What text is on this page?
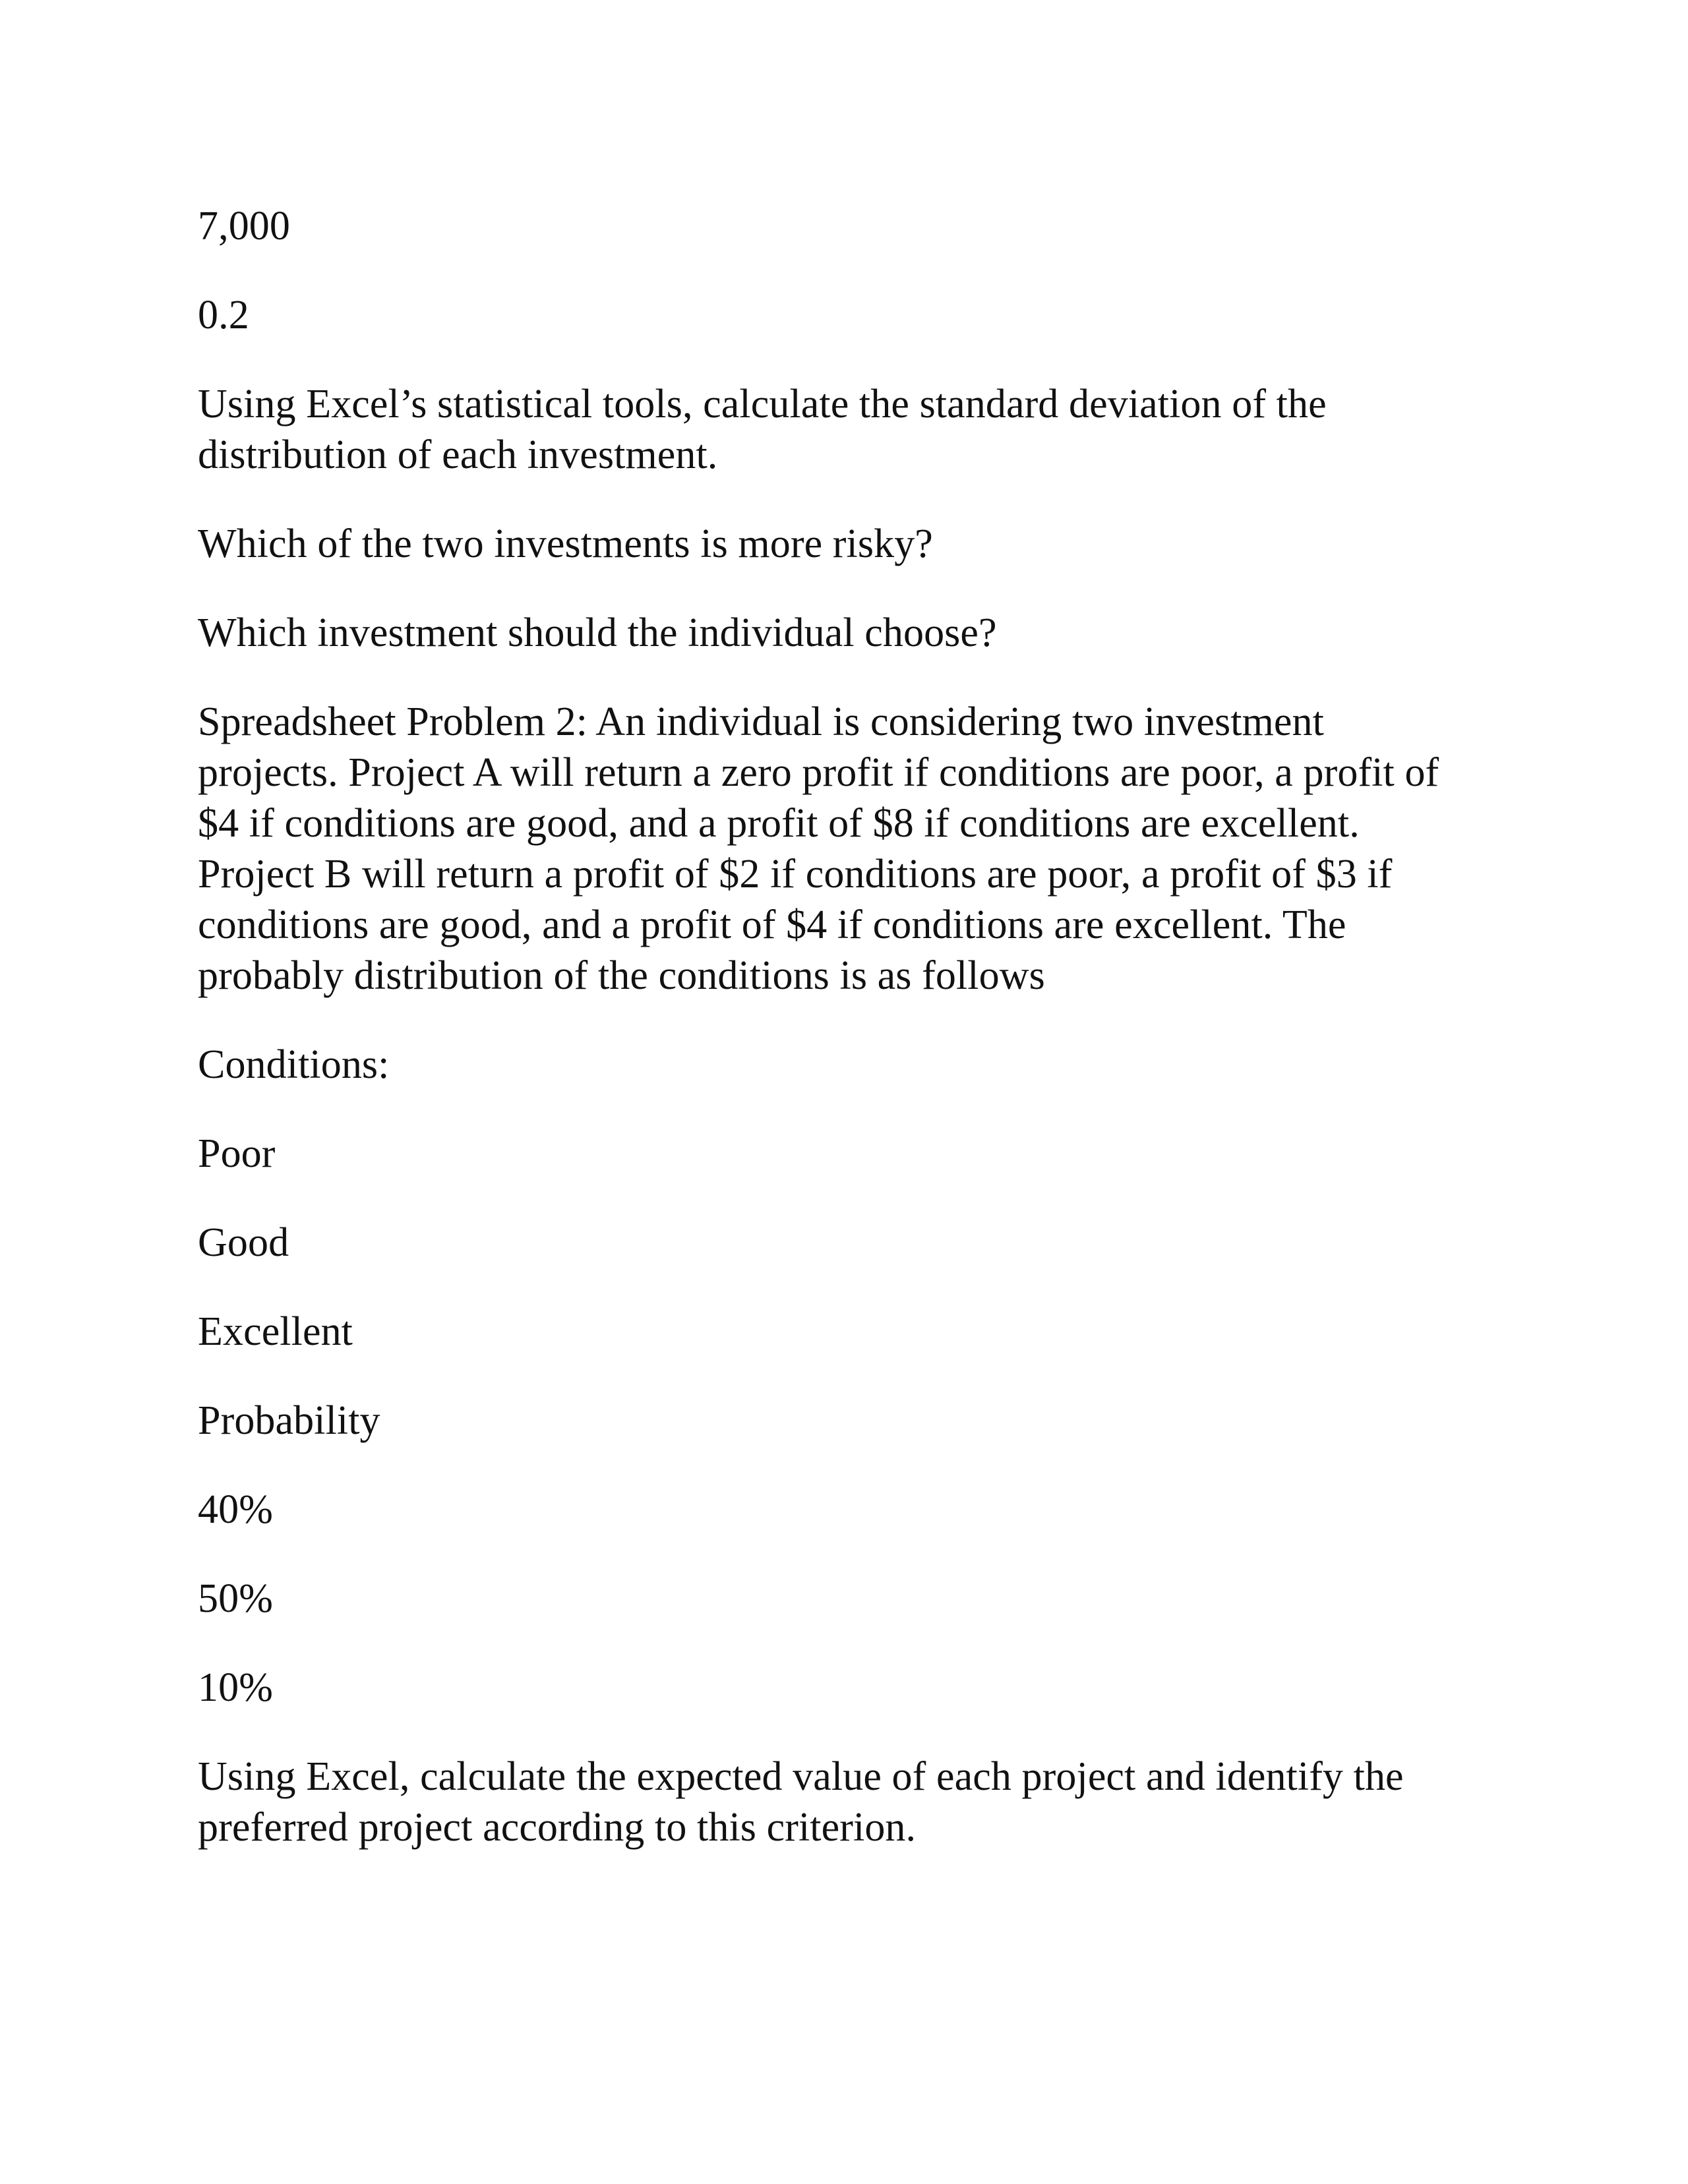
7,000

0.2

Using Excel’s statistical tools, calculate the standard deviation of the distribution of each investment.

Which of the two investments is more risky?

Which investment should the individual choose?

Spreadsheet Problem 2: An individual is considering two investment projects. Project A will return a zero profit if conditions are poor, a profit of $4 if conditions are good, and a profit of $8 if conditions are excellent. Project B will return a profit of $2 if conditions are poor, a profit of $3 if conditions are good, and a profit of $4 if conditions are excellent. The probably distribution of the conditions is as follows

Conditions:

Poor

Good

Excellent

Probability

40%

50%

10%

Using Excel, calculate the expected value of each project and identify the preferred project according to this criterion.
